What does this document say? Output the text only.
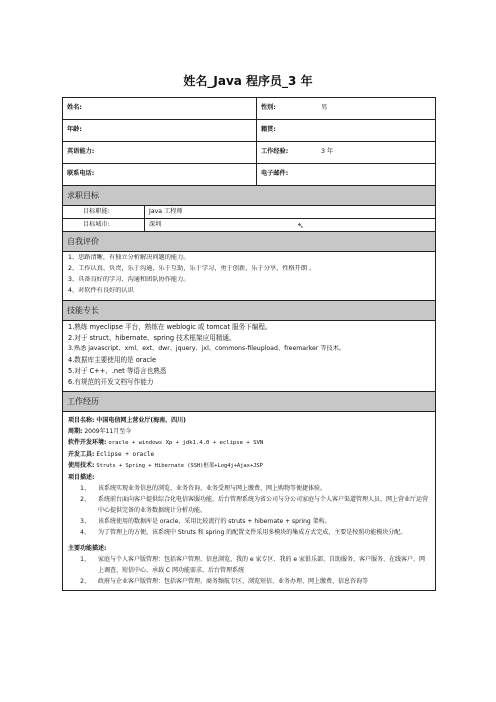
姓名_Java 程序员_3 年
姓名:	性别:	男
年龄:	籍贯:
英语能力:	工作经验:	3 年
联系电话:	电子邮件:
求职目标
目标职能:	Java 工程师
目标城市:	深圳	➴
自我评价
1、思路清晰，有独立分析解决问题的能力。
2、工作认真、负责，乐于沟通，乐于互助，乐于学习，勇于创新，乐于分享，性格开朗 。
3、具备良好的学习、沟通和团队协作能力。
4、对软件有良好的认识
技能专长
1.熟练 myeclipse 平台，熟练在 weblogic 或 tomcat 服务下编程。
2.对于 struct、hibernate、spring 技术框架应用精通。
3.熟悉 javascript、xml、ext、dwr、jquery、jxl、commons-fileupload、freemarker 等技术。
4.数据库主要使用的是 oracle
5.对于 C++、.net 等语言也熟悉
6.有规范的开发文档写作能力
工作经历
项目名称: 中国电信网上营业厅(海南、四川)
周期: 2009年11月至今
软件开发环境: oracle + windows Xp + jdk1.4.0 + eclipse + SVN
开发工具: Eclipse + oracle
使用技术: Struts + Spring + Hibernate (SSH)框架+Log4j+Ajax+JSP
项目描述:
1、	该系统实现业务信息的浏览、业务咨询、业务受理与网上缴费、网上购物等便捷体验。
2、	系统前台面向客户提供综合化电信客服功能，后台管理系统为省公司与分公司家庭与个人客户渠道管理人员、网上营业厅运营中心提供完备的业务数据统计分析功能。
3、	该系统使用的数据库是 oracle，采用比较流行的 struts + hibernate + spring 架构。
4、	为了管理上的方便，该系统中 Struts 和 spring 的配置文件采用多模块的集成方式完成，主要是按照功能模块分配。
主要功能描述:
1、	家庭与个人客户版管理：包括客户管理、信息浏览、我的 e 家专区、我的 e 家俱乐部、自助服务、客户服务、在线客户、网上调查、短信中心、承载 C 网功能需求、后台管理系统
2、	政府与企业客户版管理：包括客户管理、商务频航专区、浏览短信、业务办理、网上缴费、信息咨询等
